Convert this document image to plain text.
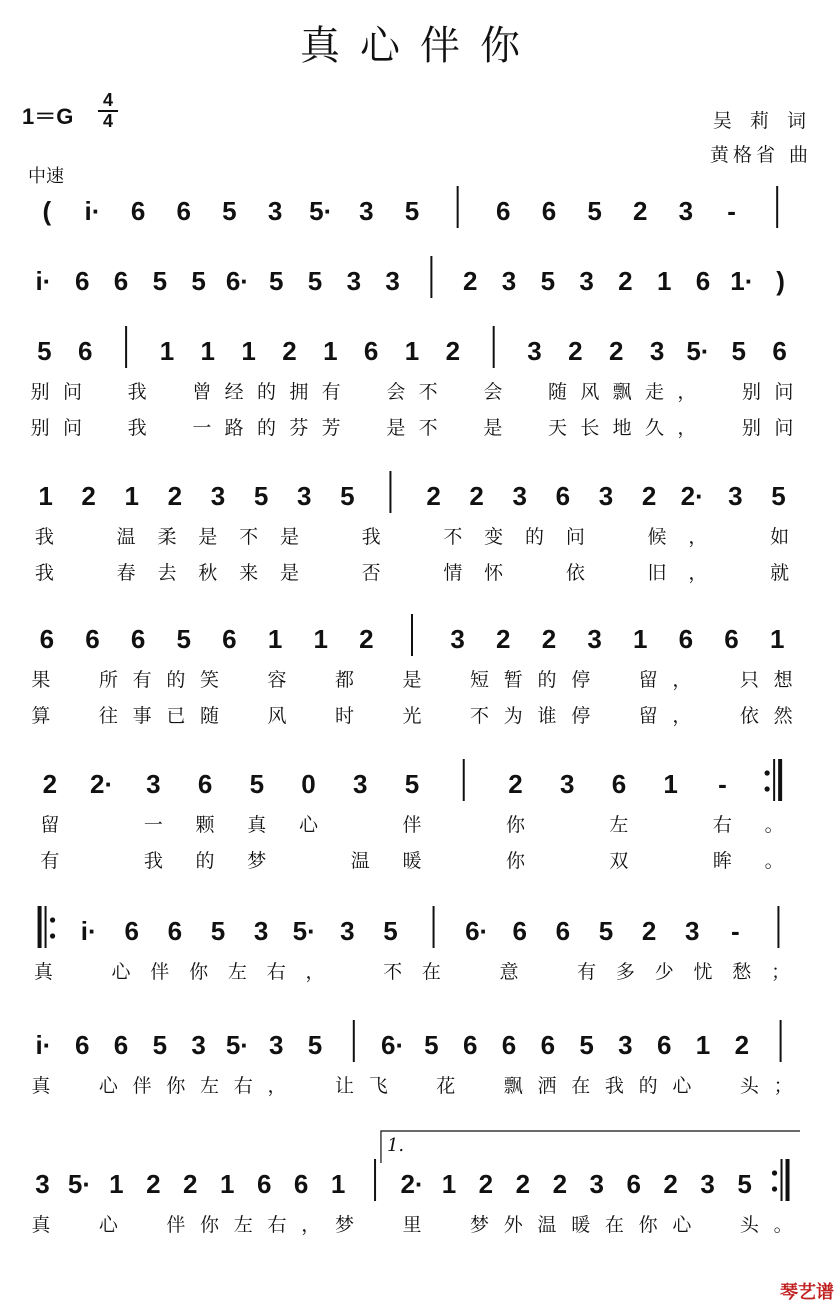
真心伴你
1＝G
4
4	吴 莉 词
黄格省 曲
中速
( i· 6 6 5 3 5· 3 5	6 6 5 2 3 -
i· 6 6 5 5 6· 5 5 3 3 2 3 5 3 2 1 6 1· )
5 6	1 1 1 2 1 6 1 2	3 2 2 3 5· 5 6
别 问 我 曾 经 的 拥 有 会 不 会 随 风 飘 走 ， 别 问
别 问 我 一 路 的 芬 芳 是 不 是 天 长 地 久 ， 别 问
1 2 1 2 3 5 3 5	2 2 3 6 3 2 2· 3 5
我	温 柔 是 不 是	我	不 变 的 问	候 ，	如
我	春 去 秋 来 是	否	情 怀	依	旧 ，	就
6 6 6 5 6 1 1 2	3 2 2 3 1 6 6 1
果	所 有 的 笑	容	都	是	短 暂 的 停	留 ，	只 想
算	往 事 已 随	风	时	光	不 为 谁 停	留 ，	依 然
2 2· 3 6 5 0 3 5	2 3 6 1 -
留	一 颗 真 心	伴	你	左	右 。
有	我 的 梦	温 暖	你	双	眸 。
i· 6 6 5 3 5· 3 5	6· 6 6 5 2 3 -
真	心 伴 你 左 右 ，	不 在	意	有 多 少 忧 愁 ；
i· 6 6 5 3 5· 3 5 6· 5 6 6 6 5 3 6 1 2
真	心 伴 你 左 右 ，	让 飞	花	飘 洒 在 我 的 心	头 ；
3 5· 1 2 2 1 6 6 1 2· 1 2 2 2 3 6 2 3 5
1.
真	心	伴 你 左 右 ， 梦	里	梦 外 温 暖 在 你 心	头 。
琴艺谱
